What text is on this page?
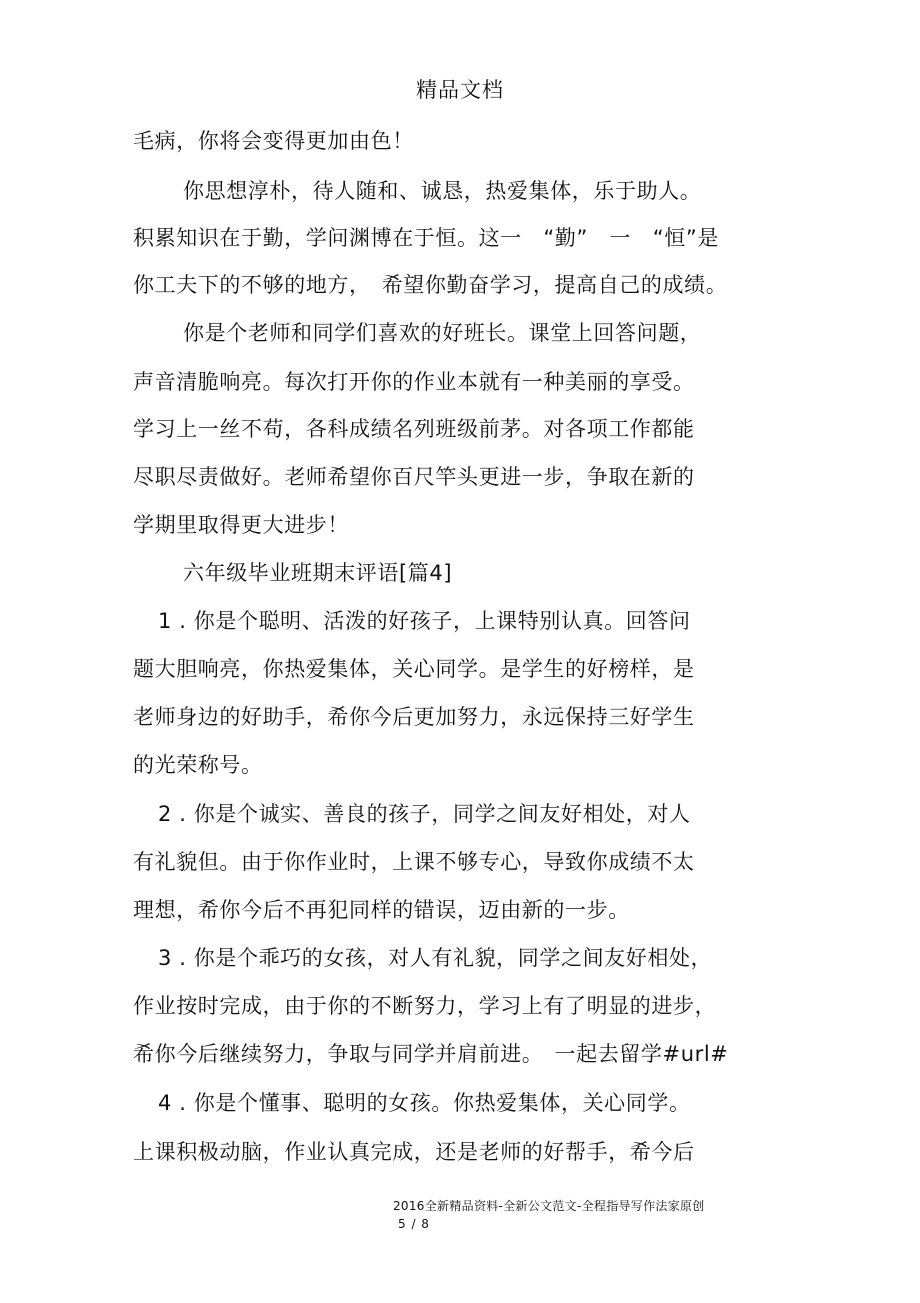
精品文档
毛病，你将会变得更加由色！
你思想淳朴，待人随和、诚恳，热爱集体，乐于助人。
积累知识在于勤，学问渊博在于恒。这一　“勤”　一　“恒”是
你工夫下的不够的地方，　希望你勤奋学习，提高自己的成绩。
你是个老师和同学们喜欢的好班长。课堂上回答问题，
声音清脆响亮。每次打开你的作业本就有一种美丽的享受。
学习上一丝不苟，各科成绩名列班级前茅。对各项工作都能
尽职尽责做好。老师希望你百尺竿头更进一步，争取在新的
学期里取得更大进步！
六年级毕业班期末评语[篇4]
1 . 你是个聪明、活泼的好孩子，上课特别认真。回答问
题大胆响亮，你热爱集体，关心同学。是学生的好榜样，是
老师身边的好助手，希你今后更加努力，永远保持三好学生
的光荣称号。
2 . 你是个诚实、善良的孩子，同学之间友好相处，对人
有礼貌但。由于你作业时，上课不够专心，导致你成绩不太
理想，希你今后不再犯同样的错误，迈由新的一步。
3 . 你是个乖巧的女孩，对人有礼貌，同学之间友好相处，
作业按时完成，由于你的不断努力，学习上有了明显的进步，
希你今后继续努力，争取与同学并肩前进。　一起去留学#url#
4 . 你是个懂事、聪明的女孩。你热爱集体，关心同学。
上课积极动脑，作业认真完成，还是老师的好帮手，希今后
2016全新精品资料-全新公文范文-全程指导写作法家原创
5 / 8
